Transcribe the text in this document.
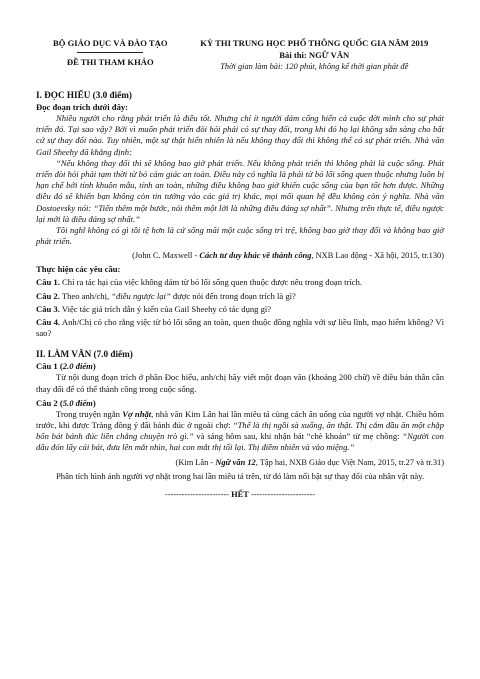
BỘ GIÁO DỤC VÀ ĐÀO TẠO
ĐỀ THI THAM KHẢO
KỲ THI TRUNG HỌC PHỔ THÔNG QUỐC GIA NĂM 2019
Bài thi: NGỮ VĂN
Thời gian làm bài: 120 phút, không kể thời gian phát đề
I. ĐỌC HIỂU (3.0 điểm)
Đọc đoạn trích dưới đây:

Nhiều người cho rằng phát triển là điều tốt. Nhưng chỉ ít người dám cống hiến cả cuộc đời mình cho sự phát triển đó. Tại sao vậy? Bởi vì muốn phát triển đòi hỏi phải có sự thay đổi, trong khi đó họ lại không sẵn sàng cho bất cứ sự thay đổi nào. Tuy nhiên, một sự thật hiển nhiên là nếu không thay đổi thì không thể có sự phát triển. Nhà văn Gail Sheehy đã khẳng định:

“Nếu không thay đổi thì sẽ không bao giờ phát triển. Nếu không phát triển thì không phải là cuộc sống. Phát triển đòi hỏi phải tạm thời từ bỏ cảm giác an toàn. Điều này có nghĩa là phải từ bỏ lối sống quen thuộc nhưng luôn bị hạn chế bởi tính khuôn mẫu, tính an toàn, những điều không bao giờ khiến cuộc sống của bạn tốt hơn được. Những điều đó sẽ khiến bạn không còn tin tưởng vào các giá trị khác, mọi mối quan hệ đều không còn ý nghĩa. Nhà văn Dostoevsky nói: “Tiến thêm một bước, nói thêm một lời là những điều đáng sợ nhất”. Nhưng trên thực tế, điều ngược lại mới là điều đáng sợ nhất.”

Tôi nghĩ không có gì tồi tệ hơn là cứ sống mãi một cuộc sống trì trệ, không bao giờ thay đổi và không bao giờ phát triển.

(John C. Maxwell - Cách tư duy khác về thành công, NXB Lao động - Xã hội, 2015, tr.130)
Thực hiện các yêu cầu:

Câu 1. Chỉ ra tác hại của việc không dám từ bỏ lối sống quen thuộc được nêu trong đoạn trích.

Câu 2. Theo anh/chị, “điều ngược lại” được nói đến trong đoạn trích là gì?

Câu 3. Việc tác giả trích dẫn ý kiến của Gail Sheehy có tác dụng gì?

Câu 4. Anh/Chị có cho rằng việc từ bỏ lối sống an toàn, quen thuộc đồng nghĩa với sự liều lĩnh, mạo hiểm không? Vì sao?

II. LÀM VĂN (7.0 điểm)
Câu 1 (2.0 điểm)

Từ nội dung đoạn trích ở phần Đọc hiểu, anh/chị hãy viết một đoạn văn (khoảng 200 chữ) về điều bản thân cần thay đổi để có thể thành công trong cuộc sống.

Câu 2 (5.0 điểm)

Trong truyện ngắn Vợ nhặt, nhà văn Kim Lân hai lần miêu tả cùng cách ăn uống của người vợ nhặt. Chiều hôm trước, khi được Tràng đồng ý đãi bánh đúc ở ngoài chợ: “Thế là thị ngồi sà xuống, ăn thật. Thị cắm đầu ăn một chặp bốn bát bánh đúc liền chẳng chuyện trò gì.” và sáng hôm sau, khi nhận bát “chè khoán” từ mẹ chồng: “Người con dâu đón lấy cái bát, đưa lên mắt nhìn, hai con mắt thị tối lại. Thị điềm nhiên và vào miệng.”

(Kim Lân - Ngữ văn 12, Tập hai, NXB Giáo dục Việt Nam, 2015, tr.27 và tr.31)

Phân tích hình ảnh người vợ nhặt trong hai lần miêu tả trên, từ đó làm nổi bật sự thay đổi của nhân vật này.

----------------------- HẾT -----------------------
